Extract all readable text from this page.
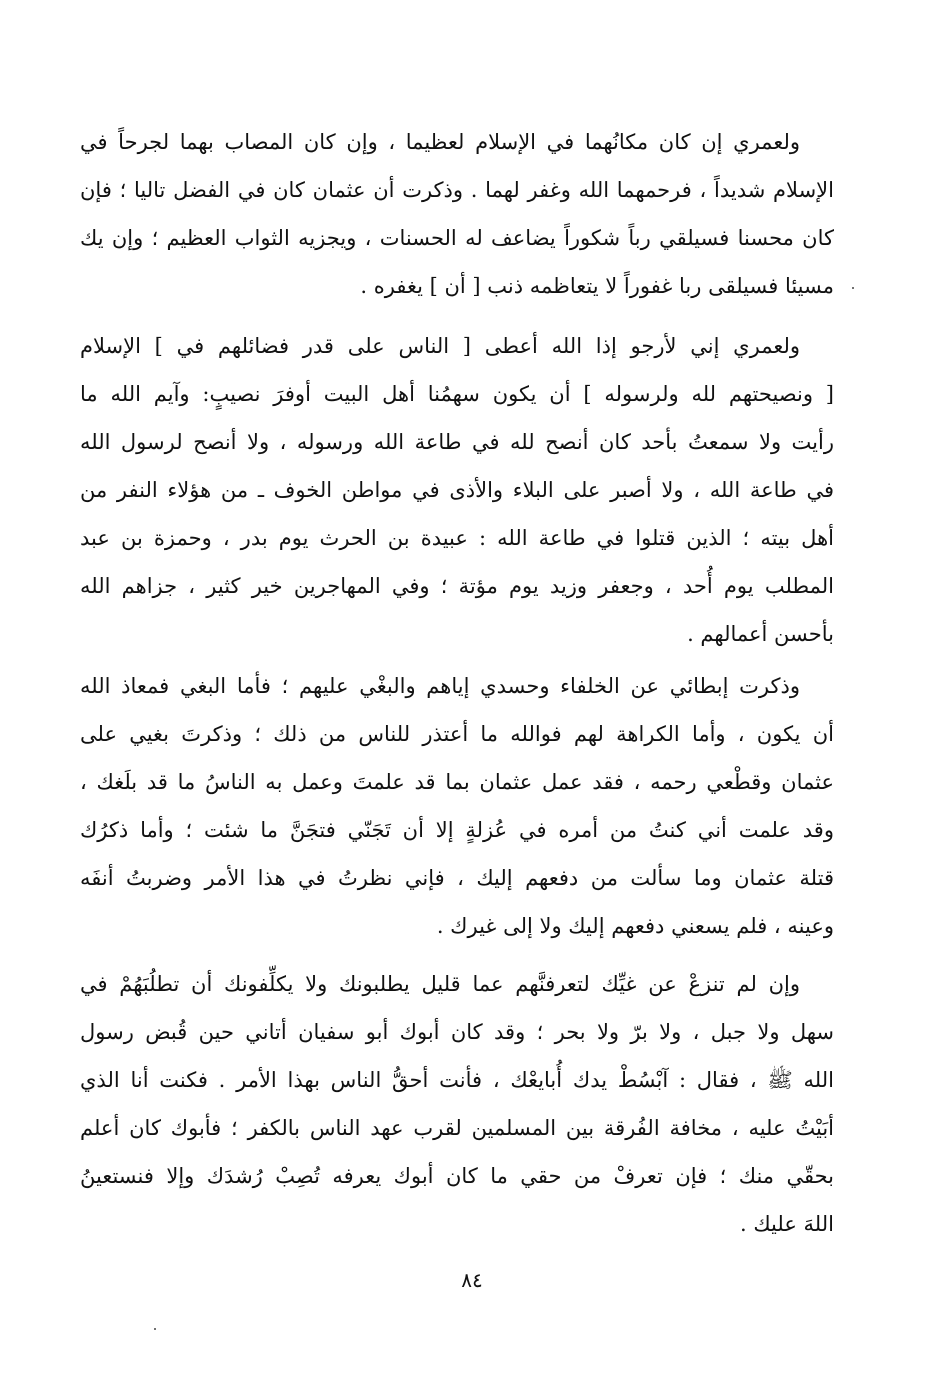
ولعمري إن كان مكانُهما في الإسلام لعظيما ، وإن كان المصاب بهما لجرحاً في
الإسلام شديداً ، فرحمهما الله وغفر لهما . وذكرت أن عثمان كان في الفضل تاليا ؛ فإن
كان محسنا فسيلقي رباً شكوراً يضاعف له الحسنات ، ويجزيه الثواب العظيم ؛ وإن يك
مسيئا فسيلقى ربا غفوراً لا يتعاظمه ذنب [ أن ] يغفره .
ولعمري إني لأرجو إذا الله أعطى [ الناس على قدر فضائلهم في ] الإسلام
[ ونصيحتهم لله ولرسوله ] أن يكون سهمُنا أهل البيت أوفرَ نصيبٍ: وآيم الله ما
رأيت ولا سمعتُ بأحد كان أنصح لله في طاعة الله ورسوله ، ولا أنصح لرسول الله
في طاعة الله ، ولا أصبر على البلاء والأذى في مواطن الخوف ـ من هؤلاء النفر من
أهل بيته ؛ الذين قتلوا في طاعة الله : عبيدة بن الحرث يوم بدر ، وحمزة بن عبد
المطلب يوم أُحد ، وجعفر وزيد يوم مؤتة ؛ وفي المهاجرين خير كثير ، جزاهم الله
بأحسن أعمالهم .
وذكرت إبطائي عن الخلفاء وحسدي إياهم والبغْي عليهم ؛ فأما البغي فمعاذ الله
أن يكون ، وأما الكراهة لهم فوالله ما أعتذر للناس من ذلك ؛ وذكرتَ بغيي على
عثمان وقطْعي رحمه ، فقد عمل عثمان بما قد علمتَ وعمل به الناسُ ما قد بلَغك ،
وقد علمت أني كنتُ من أمره في عُزلةٍ إلا أن تَجَنّي فتجَنَّ ما شئت ؛ وأما ذكرُك
قتلة عثمان وما سألت من دفعهم إليك ، فإني نظرتُ في هذا الأمر وضربتُ أنفَه
وعينه ، فلم يسعني دفعهم إليك ولا إلى غيرك .
وإن لم تنزعْ عن غيِّك لتعرفنَّهم عما قليل يطلبونك ولا يكلِّفونك أن تطلُبَهُمْ في
سهل ولا جبل ، ولا برّ ولا بحر ؛ وقد كان أبوك أبو سفيان أتاني حين قُبض رسول
الله ﷺ ، فقال : آبْسُطْ يدك أُبايعْك ، فأنت أحقُّ الناس بهذا الأمر . فكنت أنا الذي
أبَيْتُ عليه ، مخافة الفُرقة بين المسلمين لقرب عهد الناس بالكفر ؛ فأبوك كان أعلم
بحقّي منك ؛ فإن تعرفْ من حقي ما كان أبوك يعرفه تُصِبْ رُشدَك وإلا فنستعينُ
اللهَ عليك .
٨٤
